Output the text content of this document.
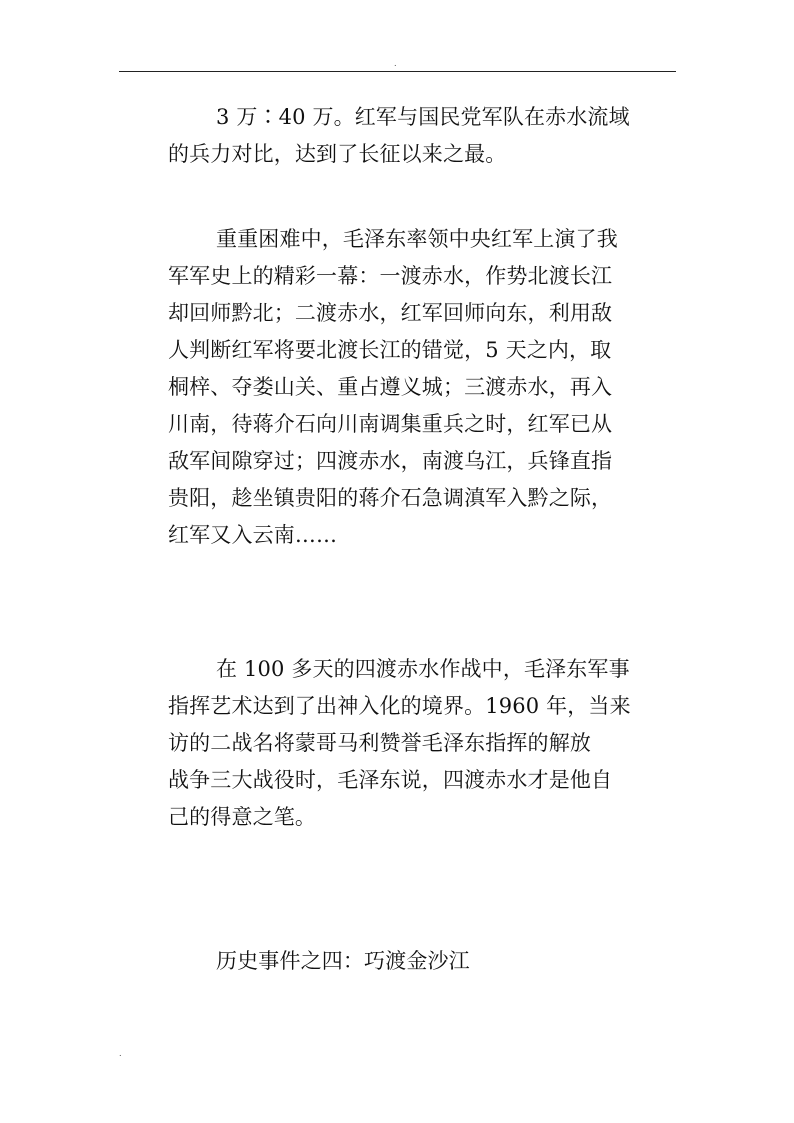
.
3 万∶40 万。红军与国民党军队在赤水流域
的兵力对比，达到了长征以来之最。
重重困难中，毛泽东率领中央红军上演了我
军军史上的精彩一幕：一渡赤水，作势北渡长江
却回师黔北；二渡赤水，红军回师向东，利用敌
人判断红军将要北渡长江的错觉，5 天之内，取
桐梓、夺娄山关、重占遵义城；三渡赤水，再入
川南，待蒋介石向川南调集重兵之时，红军已从
敌军间隙穿过；四渡赤水，南渡乌江，兵锋直指
贵阳，趁坐镇贵阳的蒋介石急调滇军入黔之际，
红军又入云南……
在 100 多天的四渡赤水作战中，毛泽东军事
指挥艺术达到了出神入化的境界。1960 年，当来
访的二战名将蒙哥马利赞誉毛泽东指挥的解放
战争三大战役时，毛泽东说，四渡赤水才是他自
己的得意之笔。
历史事件之四：巧渡金沙江
.
